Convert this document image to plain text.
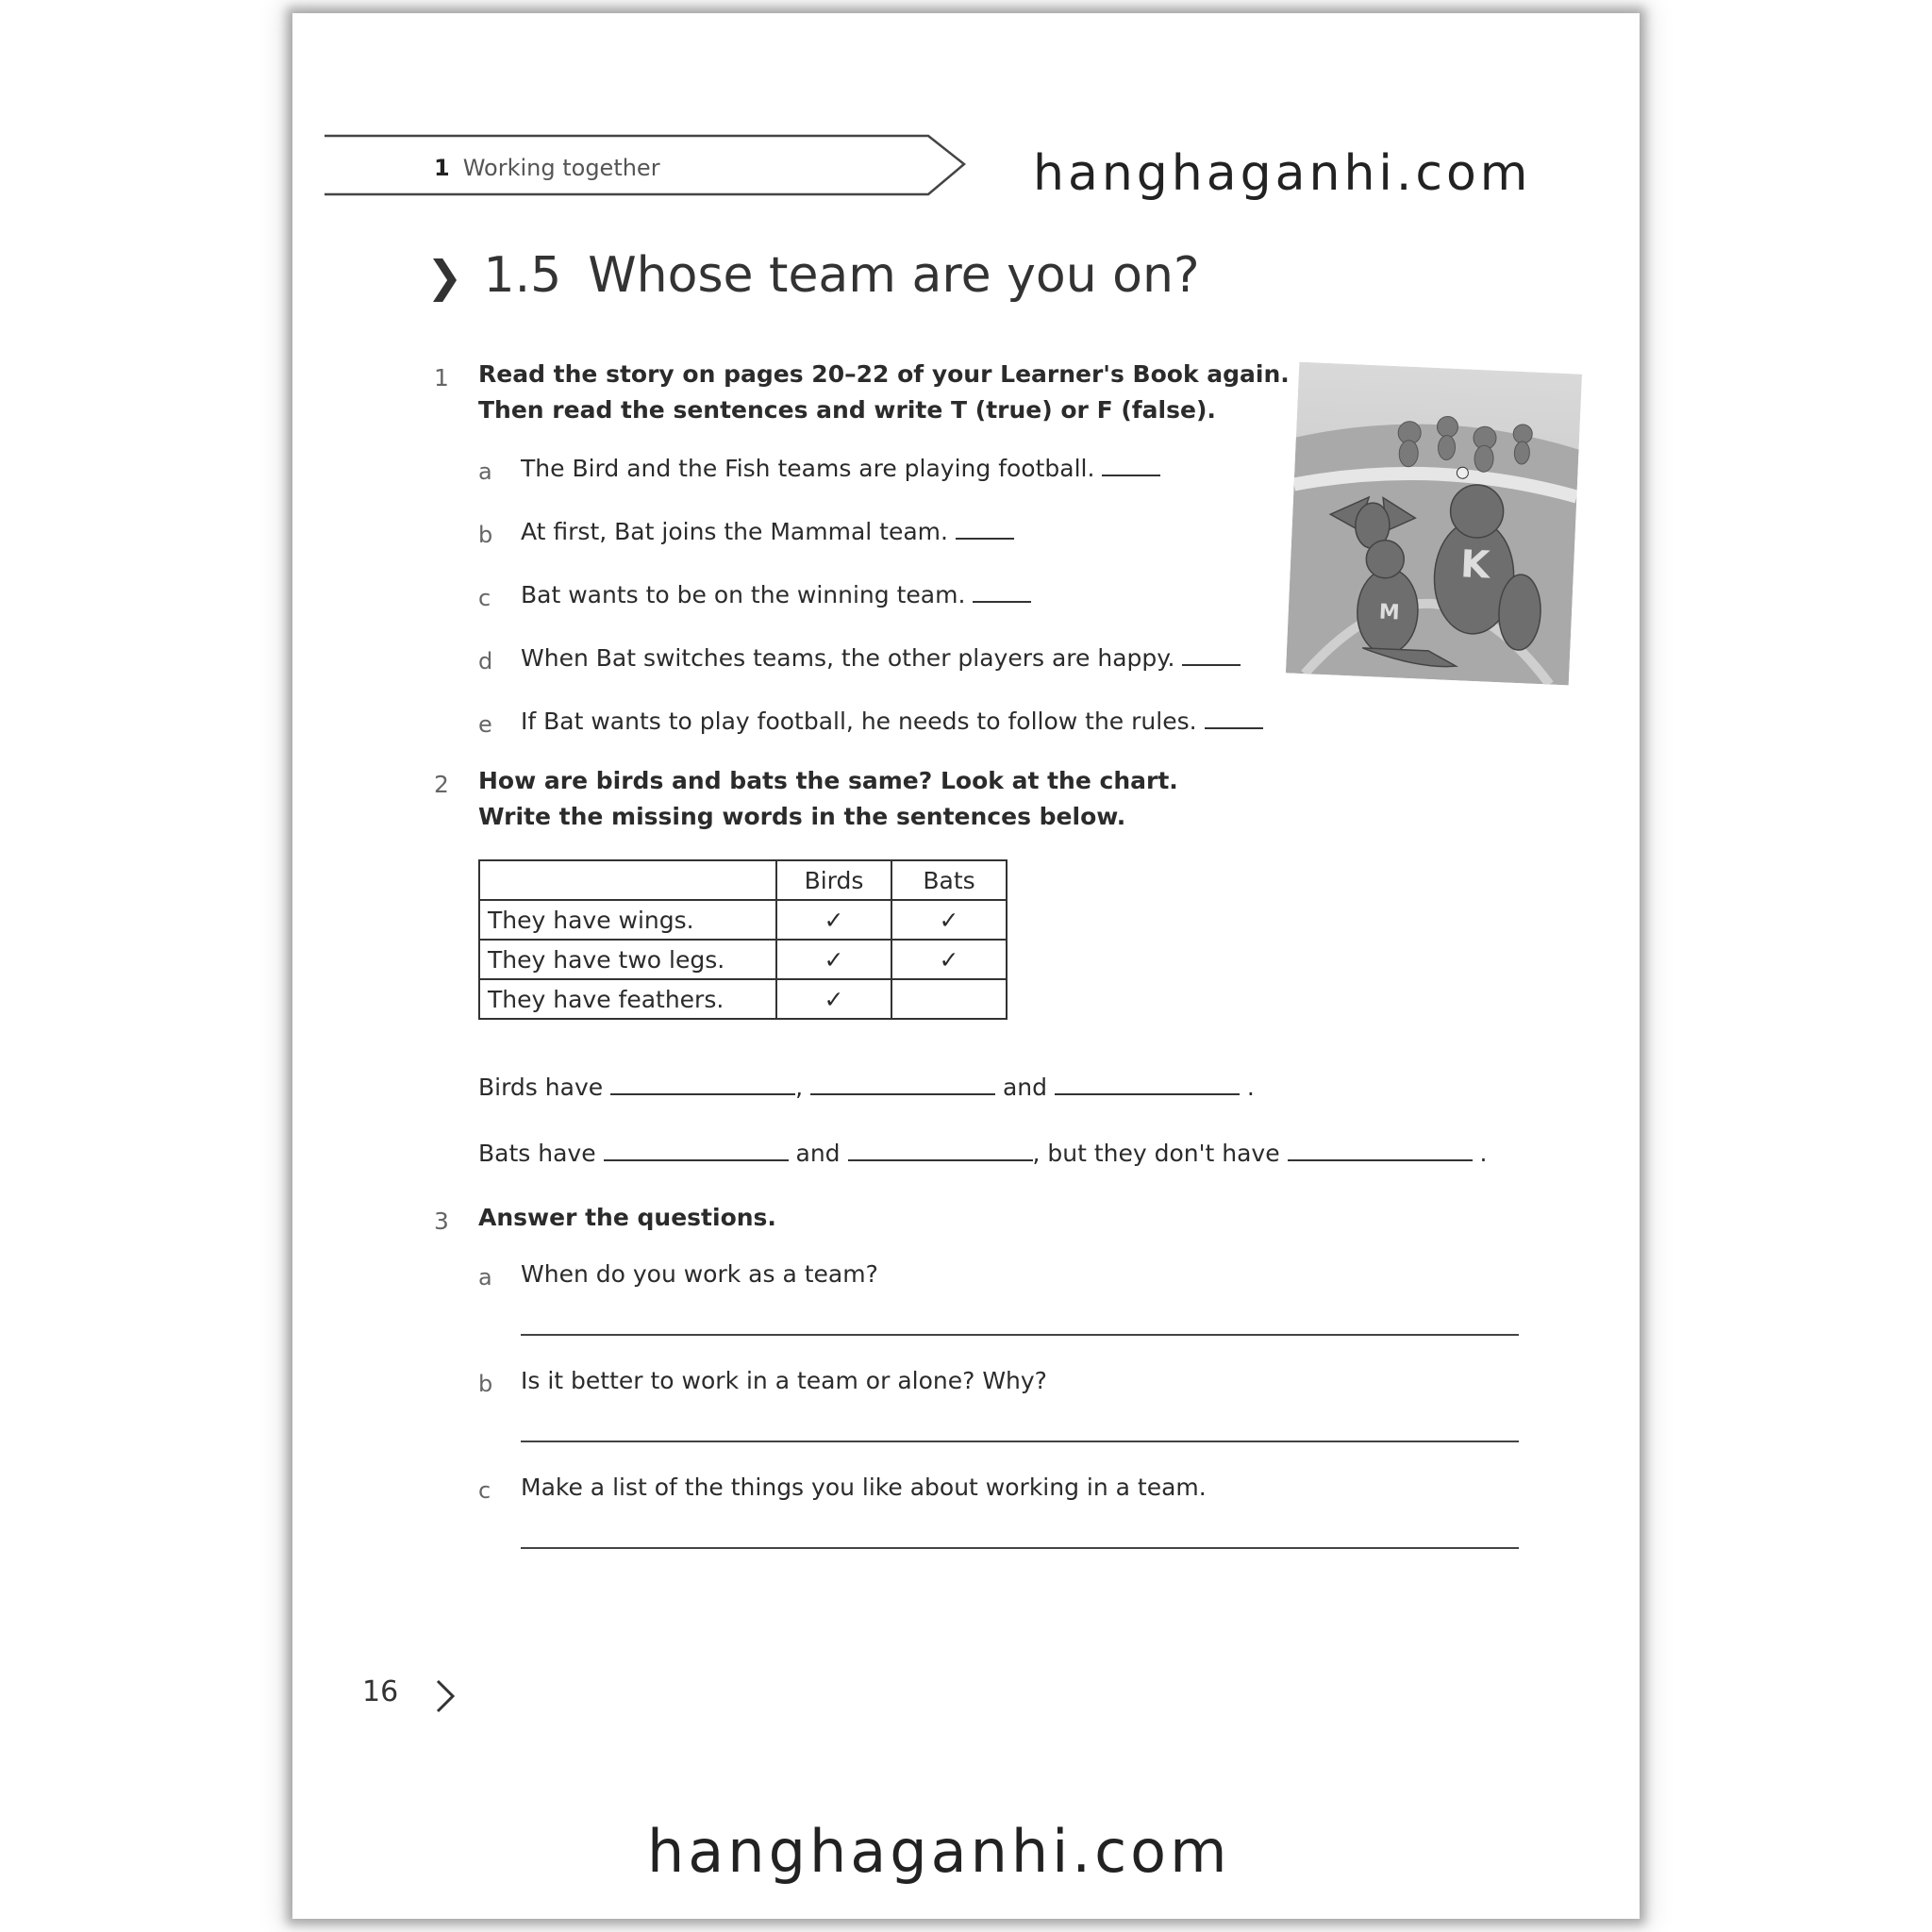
1 Working together	hanghaganhi.com
❯ 1.5 Whose team are you on?
1 Read the story on pages 20–22 of your Learner's Book again.
Then read the sentences and write T (true) or F (false).
a The Bird and the Fish teams are playing football.
b At first, Bat joins the Mammal team.
c Bat wants to be on the winning team.
d When Bat switches teams, the other players are happy.
e If Bat wants to play football, he needs to follow the rules.
K
M
2 How are birds and bats the same? Look at the chart.
Write the missing words in the sentences below.
	Birds	Bats
They have wings.	✓	✓
They have two legs.	✓	✓
They have feathers.	✓	
Birds have	,	and	.
Bats have	and	, but they don't have	.
3 Answer the questions.
a When do you work as a team?
b Is it better to work in a team or alone? Why?
c Make a list of the things you like about working in a team.
16
hanghaganhi.com
